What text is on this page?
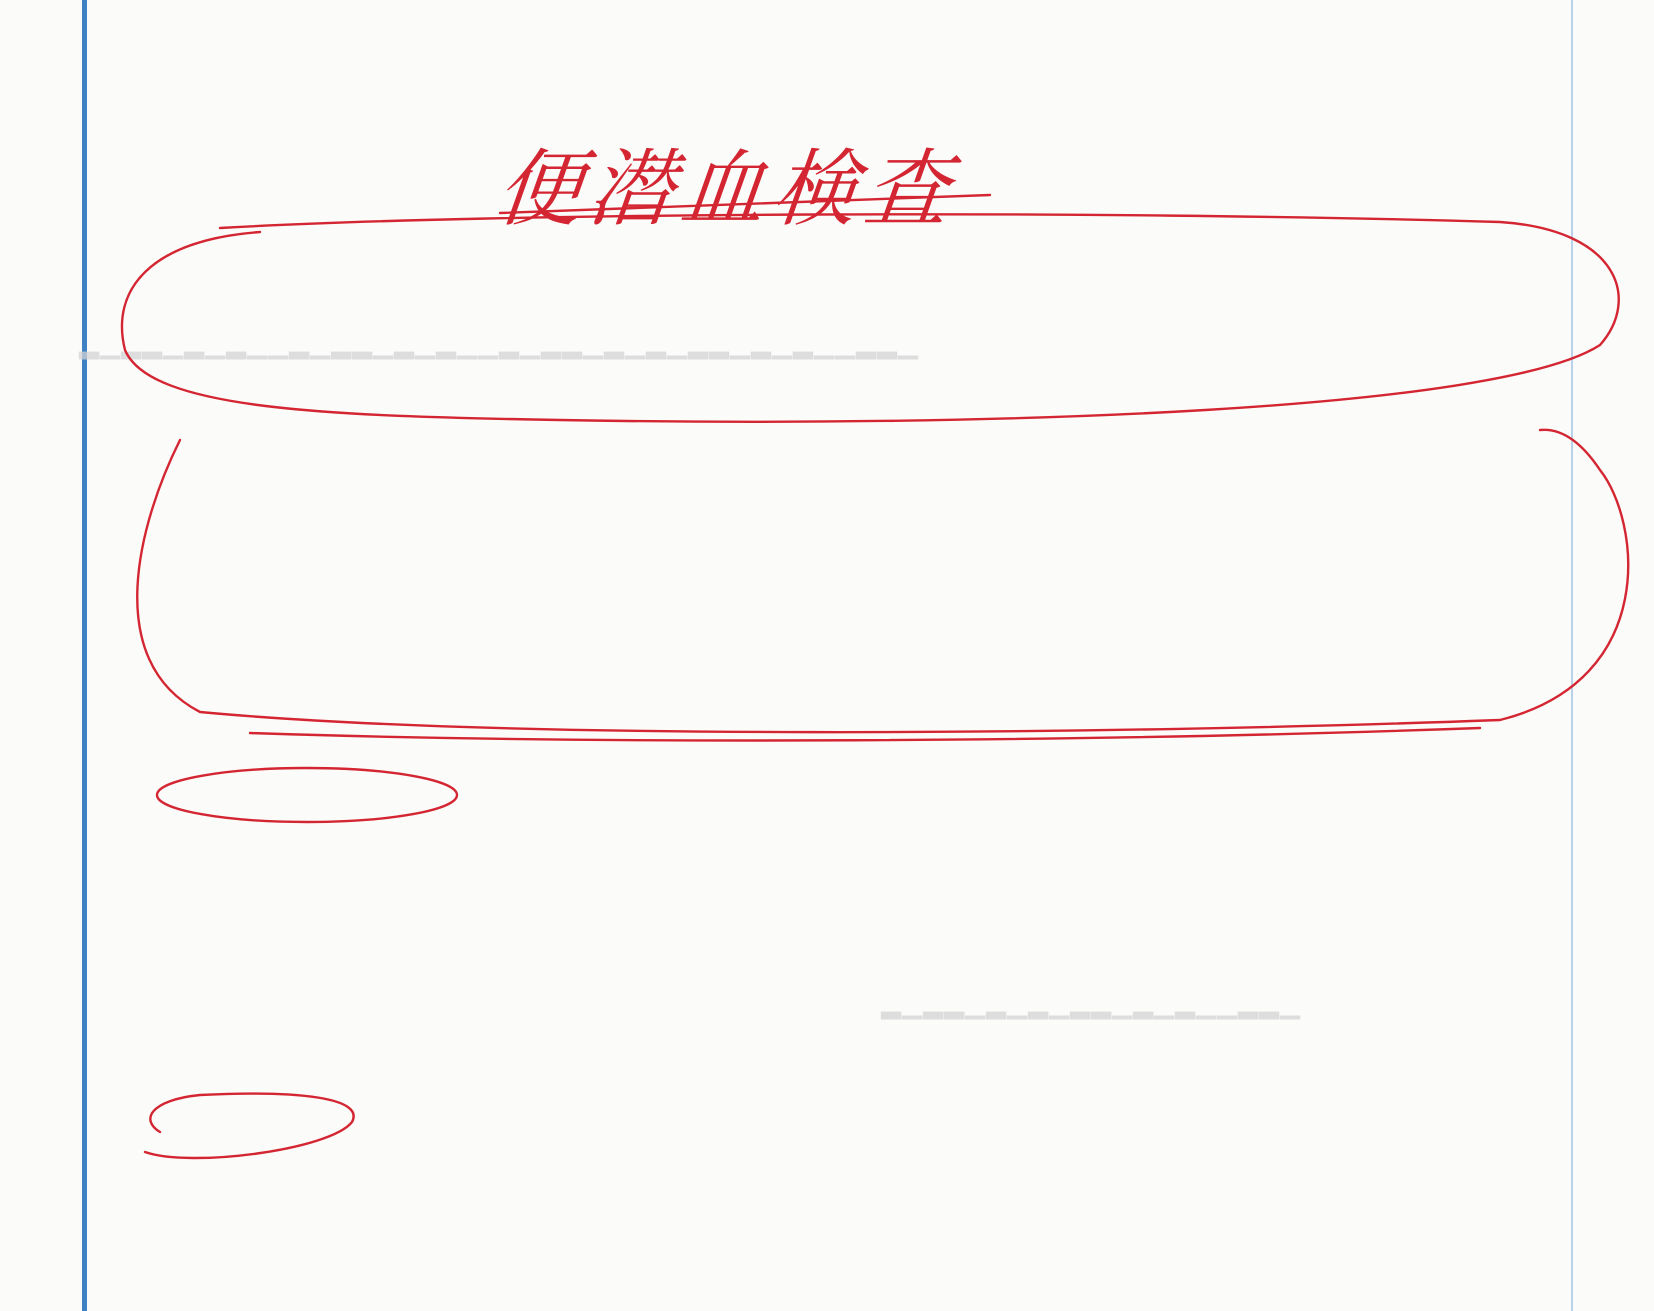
▁▂▂▁▁▂▁▂▁▂▂▁▂▁▂▁▂▂▁▂▁▁▂▁▂▁▂▂▁▂▁▁▂▁▂▁▂▂▁▂
▁▂▂▁▁▂▁▂▁▂▂▁▂▁▂▁▂▂▁▂
便潜血検査
